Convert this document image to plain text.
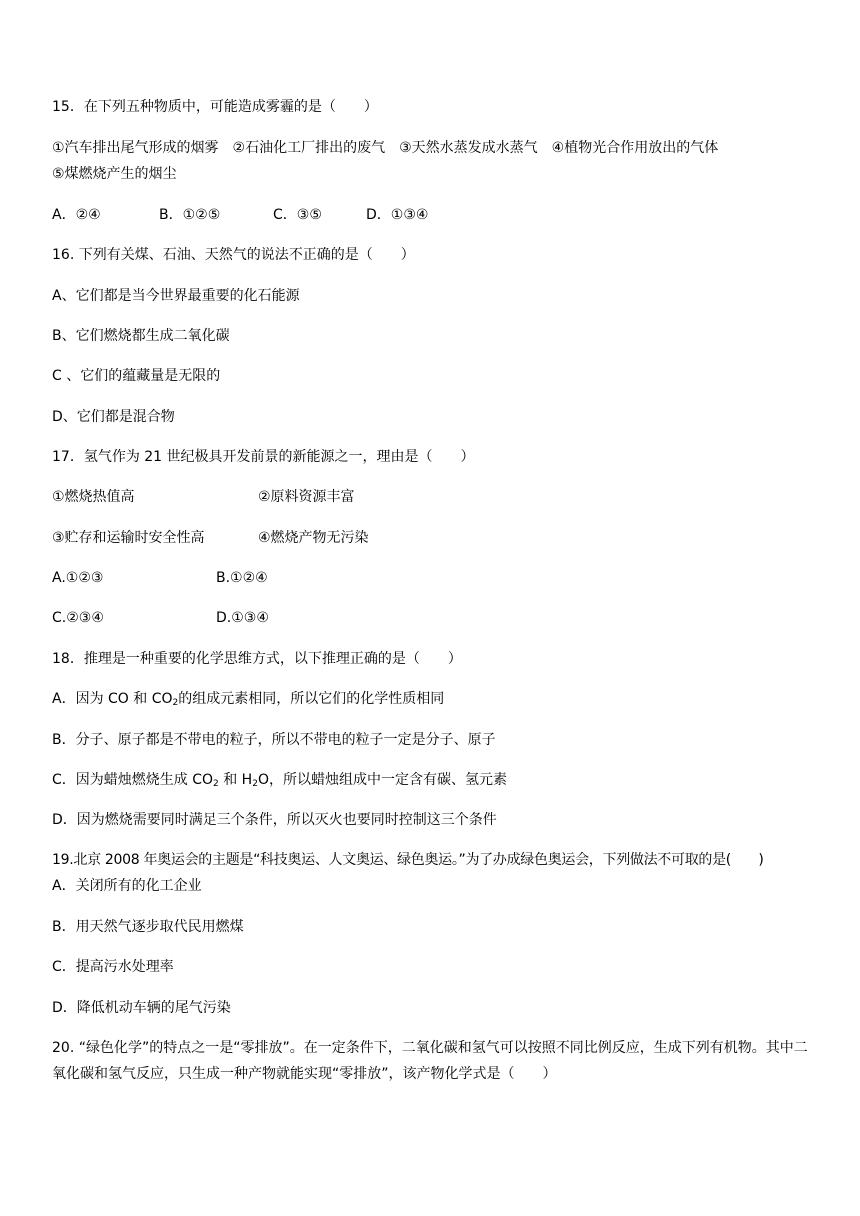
15．在下列五种物质中，可能造成雾霾的是（　　）
①汽车排出尾气形成的烟雾　②石油化工厂排出的废气　③天然水蒸发成水蒸气　④植物光合作用放出的气体
⑤煤燃烧产生的烟尘
A．②④	B．①②⑤	C．③⑤	D．①③④
16. 下列有关煤、石油、天然气的说法不正确的是（　　）
A、它们都是当今世界最重要的化石能源
B、它们燃烧都生成二氧化碳
C 、它们的蕴藏量是无限的
D、它们都是混合物
17．氢气作为 21 世纪极具开发前景的新能源之一，理由是（　　）
①燃烧热值高	②原料资源丰富
③贮存和运输时安全性高	④燃烧产物无污染
A.①②③	B.①②④
C.②③④	D.①③④
18．推理是一种重要的化学思维方式，以下推理正确的是（　　）
A．因为 CO 和 $CO_2$的组成元素相同，所以它们的化学性质相同
B．分子、原子都是不带电的粒子，所以不带电的粒子一定是分子、原子
C．因为蜡烛燃烧生成 $CO_2$ 和 $H_2O$，所以蜡烛组成中一定含有碳、氢元素
D．因为燃烧需要同时满足三个条件，所以灭火也要同时控制这三个条件
19.北京 2008 年奥运会的主题是“科技奥运、人文奥运、绿色奥运。”为了办成绿色奥运会，下列做法不可取的是(　　)
A．关闭所有的化工企业
B．用天然气逐步取代民用燃煤
C．提高污水处理率
D．降低机动车辆的尾气污染
20. “绿色化学”的特点之一是“零排放”。在一定条件下，二氧化碳和氢气可以按照不同比例反应，生成下列有机物。其中二氧化碳和氢气反应，只生成一种产物就能实现“零排放”，该产物化学式是（　　）
